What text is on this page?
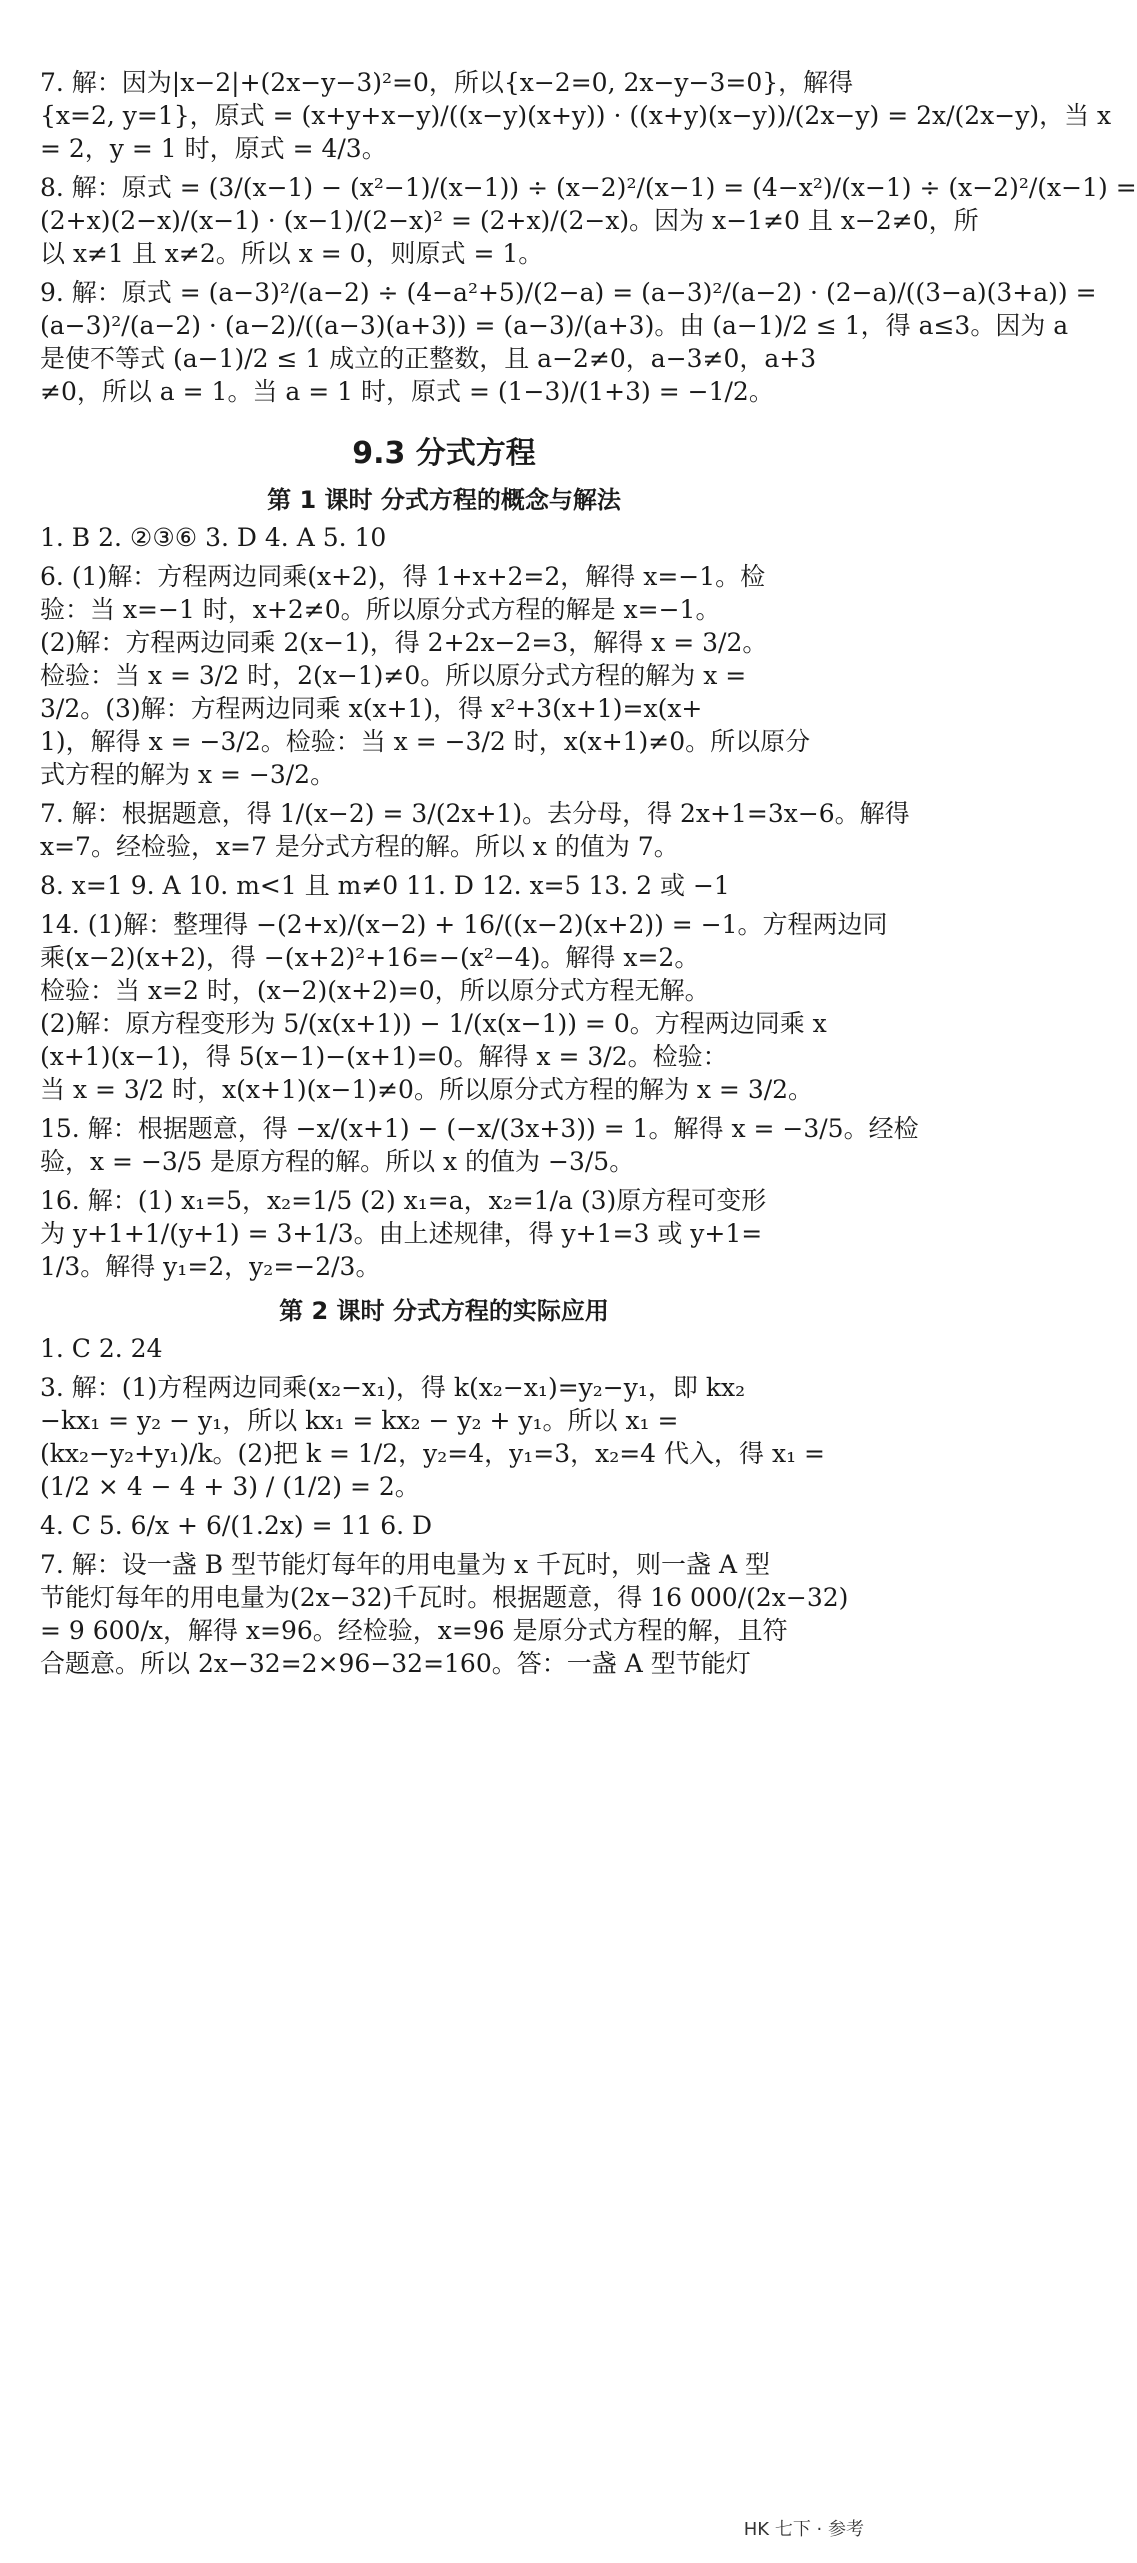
7. 解：因为|x−2|+(2x−y−3)²=0，所以{x−2=0, 2x−y−3=0}，解得
{x=2, y=1}，原式 = (x+y+x−y)/((x−y)(x+y)) · ((x+y)(x−y))/(2x−y) = 2x/(2x−y)，当 x
= 2，y = 1 时，原式 = 4/3。
8. 解：原式 = (3/(x−1) − (x²−1)/(x−1)) ÷ (x−2)²/(x−1) = (4−x²)/(x−1) ÷ (x−2)²/(x−1) =
(2+x)(2−x)/(x−1) · (x−1)/(2−x)² = (2+x)/(2−x)。因为 x−1≠0 且 x−2≠0，所
以 x≠1 且 x≠2。所以 x = 0，则原式 = 1。
9. 解：原式 = (a−3)²/(a−2) ÷ (4−a²+5)/(2−a) = (a−3)²/(a−2) · (2−a)/((3−a)(3+a)) =
(a−3)²/(a−2) · (a−2)/((a−3)(a+3)) = (a−3)/(a+3)。由 (a−1)/2 ≤ 1，得 a≤3。因为 a
是使不等式 (a−1)/2 ≤ 1 成立的正整数，且 a−2≠0，a−3≠0，a+3
≠0，所以 a = 1。当 a = 1 时，原式 = (1−3)/(1+3) = −1/2。
9.3 分式方程
第 1 课时 分式方程的概念与解法
1. B 2. ②③⑥ 3. D 4. A 5. 10
6. (1)解：方程两边同乘(x+2)，得 1+x+2=2，解得 x=−1。检
验：当 x=−1 时，x+2≠0。所以原分式方程的解是 x=−1。
(2)解：方程两边同乘 2(x−1)，得 2+2x−2=3，解得 x = 3/2。
检验：当 x = 3/2 时，2(x−1)≠0。所以原分式方程的解为 x =
3/2。(3)解：方程两边同乘 x(x+1)，得 x²+3(x+1)=x(x+
1)，解得 x = −3/2。检验：当 x = −3/2 时，x(x+1)≠0。所以原分
式方程的解为 x = −3/2。
7. 解：根据题意，得 1/(x−2) = 3/(2x+1)。去分母，得 2x+1=3x−6。解得
x=7。经检验，x=7 是分式方程的解。所以 x 的值为 7。
8. x=1 9. A 10. m<1 且 m≠0 11. D 12. x=5 13. 2 或 −1
14. (1)解：整理得 −(2+x)/(x−2) + 16/((x−2)(x+2)) = −1。方程两边同
乘(x−2)(x+2)，得 −(x+2)²+16=−(x²−4)。解得 x=2。
检验：当 x=2 时，(x−2)(x+2)=0，所以原分式方程无解。
(2)解：原方程变形为 5/(x(x+1)) − 1/(x(x−1)) = 0。方程两边同乘 x
(x+1)(x−1)，得 5(x−1)−(x+1)=0。解得 x = 3/2。检验：
当 x = 3/2 时，x(x+1)(x−1)≠0。所以原分式方程的解为 x = 3/2。
15. 解：根据题意，得 −x/(x+1) − (−x/(3x+3)) = 1。解得 x = −3/5。经检
验，x = −3/5 是原方程的解。所以 x 的值为 −3/5。
16. 解：(1) x₁=5，x₂=1/5 (2) x₁=a，x₂=1/a (3)原方程可变形
为 y+1+1/(y+1) = 3+1/3。由上述规律，得 y+1=3 或 y+1=
1/3。解得 y₁=2，y₂=−2/3。
第 2 课时 分式方程的实际应用
1. C 2. 24
3. 解：(1)方程两边同乘(x₂−x₁)，得 k(x₂−x₁)=y₂−y₁，即 kx₂
−kx₁ = y₂ − y₁，所以 kx₁ = kx₂ − y₂ + y₁。所以 x₁ =
(kx₂−y₂+y₁)/k。(2)把 k = 1/2，y₂=4，y₁=3，x₂=4 代入，得 x₁ =
(1/2 × 4 − 4 + 3) / (1/2) = 2。
4. C 5. 6/x + 6/(1.2x) = 11 6. D
7. 解：设一盏 B 型节能灯每年的用电量为 x 千瓦时，则一盏 A 型
节能灯每年的用电量为(2x−32)千瓦时。根据题意，得 16 000/(2x−32)
= 9 600/x，解得 x=96。经检验，x=96 是原分式方程的解，且符
合题意。所以 2x−32=2×96−32=160。答：一盏 A 型节能灯
HK 七下 · 参考
